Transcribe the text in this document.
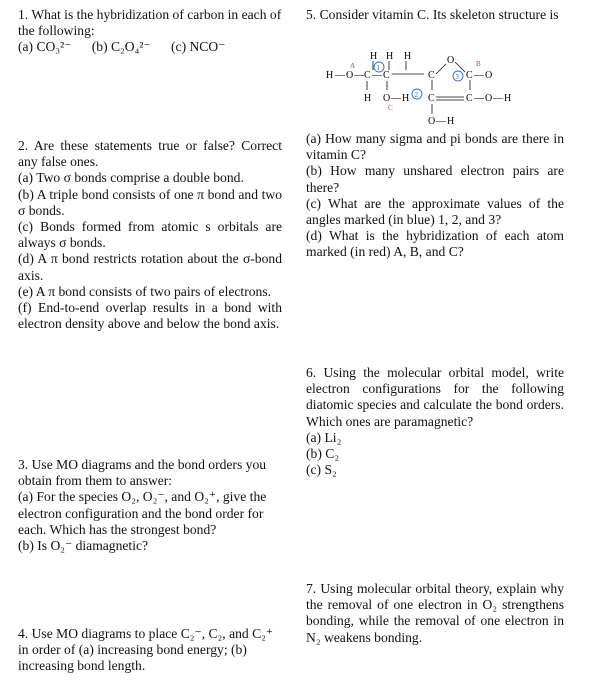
1. What is the hybridization of carbon in each of the following:

(a) CO₃²⁻      (b) C₂O₄²⁻      (c) NCO⁻

2. Are these statements true or false? Correct any false ones.

(a) Two σ bonds comprise a double bond.

(b) A triple bond consists of one π bond and two σ bonds.

(c) Bonds formed from atomic s orbitals are always σ bonds.

(d) A π bond restricts rotation about the σ-bond axis.

(e) A π bond consists of two pairs of electrons.

(f) End-to-end overlap results in a bond with electron density above and below the bond axis.

3. Use MO diagrams and the bond orders you obtain from them to answer:

(a) For the species O₂, O₂⁻, and O₂⁺, give the electron configuration and the bond order for each. Which has the strongest bond?

(b) Is O₂⁻ diamagnetic?

4. Use MO diagrams to place C₂⁻, C₂, and C₂⁺ in order of (a) increasing bond energy; (b) increasing bond length.

5. Consider vitamin C. Its skeleton structure is

H H H
A	B
C
H — O — C — C
1
2
3
C
O
C — O
H O — H C	C — O — H
O — H

(a) How many sigma and pi bonds are there in vitamin C?

(b) How many unshared electron pairs are there?

(c) What are the approximate values of the angles marked (in blue) 1, 2, and 3?

(d) What is the hybridization of each atom marked (in red) A, B, and C?

6. Using the molecular orbital model, write electron configurations for the following diatomic species and calculate the bond orders. Which ones are paramagnetic?

(a) Li₂

(b) C₂

(c) S₂

7. Using molecular orbital theory, explain why the removal of one electron in O₂ strengthens bonding, while the removal of one electron in N₂ weakens bonding.
